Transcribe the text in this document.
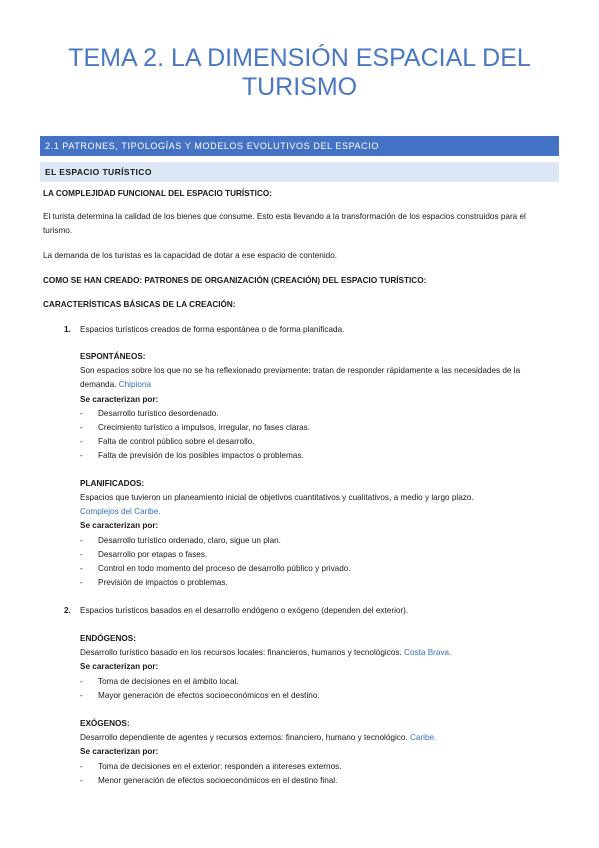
TEMA 2. LA DIMENSIÓN ESPACIAL DEL TURISMO
2.1 PATRONES, TIPOLOGÍAS Y MODELOS EVOLUTIVOS DEL ESPACIO
EL ESPACIO TURÍSTICO
LA COMPLEJIDAD FUNCIONAL DEL ESPACIO TURÍSTICO:
El turista determina la calidad de los bienes que consume. Esto esta llevando a la transformación de los espacios construidos para el turismo.
La demanda de los turistas es la capacidad de dotar a ese espacio de contenido.
COMO SE HAN CREADO: PATRONES DE ORGANIZACIÓN (CREACIÓN) DEL ESPACIO TURÍSTICO:
CARACTERÍSTICAS BÁSICAS DE LA CREACIÓN:
1. Espacios turísticos creados de forma espontánea o de forma planificada.
ESPONTÁNEOS:
Son espacios sobre los que no se ha reflexionado previamente: tratan de responder rápidamente a las necesidades de la demanda. Chipiona
Se caracterizan por:
- Desarrollo turístico desordenado.
- Crecimiento turístico a impulsos, irregular, no fases claras.
- Falta de control público sobre el desarrollo.
- Falta de previsión de los posibles impactos o problemas.
PLANIFICADOS:
Espacios que tuvieron un planeamiento inicial de objetivos cuantitativos y cualitativos, a medio y largo plazo.
Complejos del Caribe.
Se caracterizan por:
- Desarrollo turístico ordenado, claro, sigue un plan.
- Desarrollo por etapas o fases.
- Control en todo momento del proceso de desarrollo público y privado.
- Previsión de impactos o problemas.
2. Espacios turísticos basados en el desarrollo endógeno o exógeno (dependen del exterior).
ENDÓGENOS:
Desarrollo turístico basado en los recursos locales: financieros, humanos y tecnológicos. Costa Brava.
Se caracterizan por:
- Toma de decisiones en el ámbito local.
- Mayor generación de efectos socioeconómicos en el destino.
EXÓGENOS:
Desarrollo dependiente de agentes y recursos externos: financiero, humano y tecnológico. Caribe.
Se caracterizan por:
- Toma de decisiones en el exterior: responden a intereses externos.
- Menor generación de efectos socioeconómicos en el destino final.
